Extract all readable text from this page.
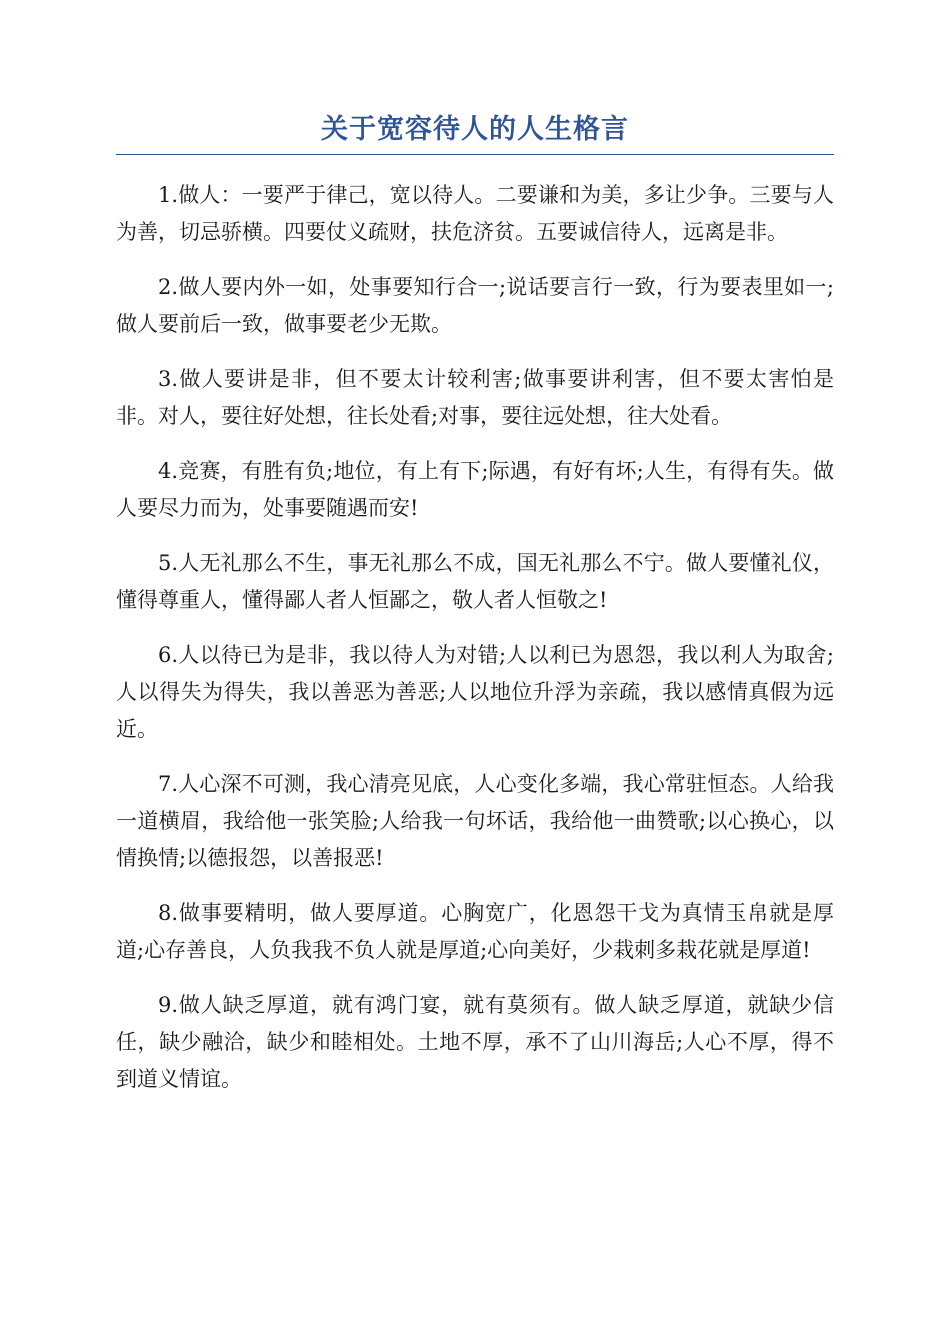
关于宽容待人的人生格言

1.做人：一要严于律己，宽以待人。二要谦和为美，多让少争。三要与人为善，切忌骄横。四要仗义疏财，扶危济贫。五要诚信待人，远离是非。

2.做人要内外一如，处事要知行合一;说话要言行一致，行为要表里如一;做人要前后一致，做事要老少无欺。

3.做人要讲是非，但不要太计较利害;做事要讲利害，但不要太害怕是非。对人，要往好处想，往长处看;对事，要往远处想，往大处看。

4.竞赛，有胜有负;地位，有上有下;际遇，有好有坏;人生，有得有失。做人要尽力而为，处事要随遇而安!

5.人无礼那么不生，事无礼那么不成，国无礼那么不宁。做人要懂礼仪，懂得尊重人，懂得鄙人者人恒鄙之，敬人者人恒敬之!

6.人以待已为是非，我以待人为对错;人以利已为恩怨，我以利人为取舍;人以得失为得失，我以善恶为善恶;人以地位升浮为亲疏，我以感情真假为远近。

7.人心深不可测，我心清亮见底，人心变化多端，我心常驻恒态。人给我一道横眉，我给他一张笑脸;人给我一句坏话，我给他一曲赞歌;以心换心，以情换情;以德报怨，以善报恶!

8.做事要精明，做人要厚道。心胸宽广，化恩怨干戈为真情玉帛就是厚道;心存善良，人负我我不负人就是厚道;心向美好，少栽刺多栽花就是厚道!

9.做人缺乏厚道，就有鸿门宴，就有莫须有。做人缺乏厚道，就缺少信任，缺少融洽，缺少和睦相处。土地不厚，承不了山川海岳;人心不厚，得不到道义情谊。
